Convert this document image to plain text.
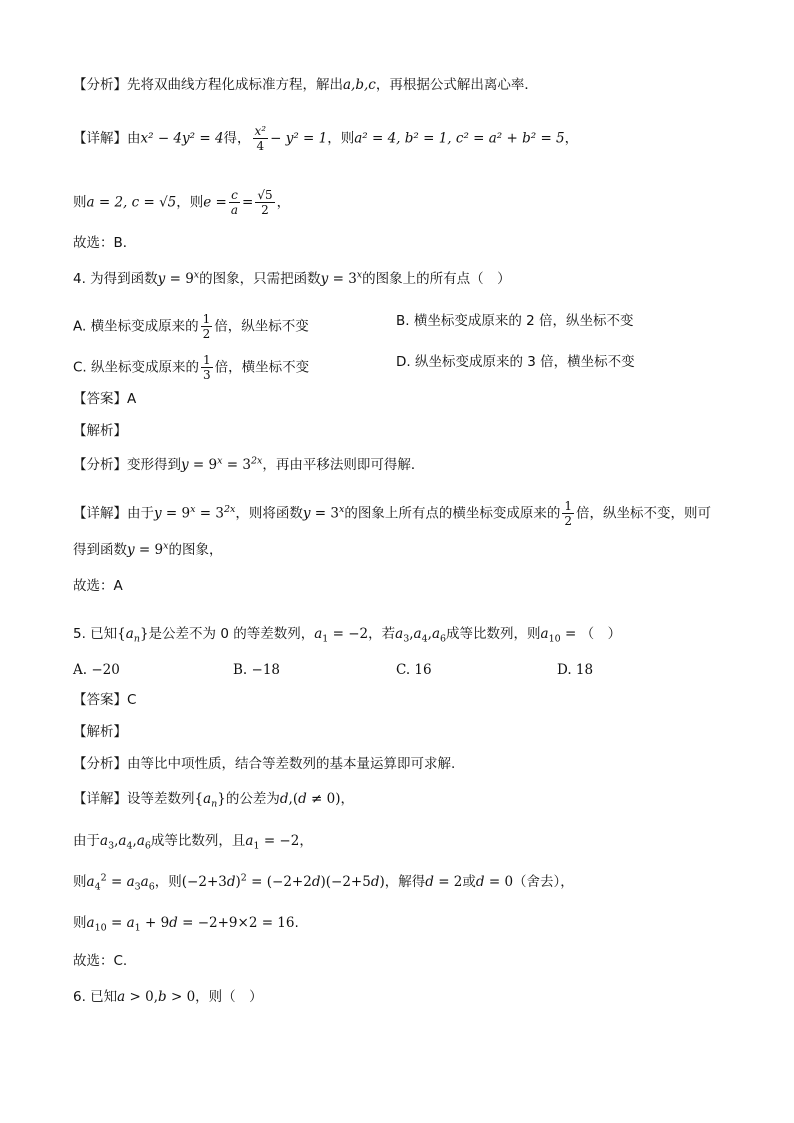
【分析】先将双曲线方程化成标准方程，解出a,b,c，再根据公式解出离心率．
【详解】由x² − 4y² = 4得， $\frac{\text{x²}}{4} - y^2 = 1$，则a² = 4, b² = 1, c² = a² + b² = 5，
则a = 2, c = √5，则$e = \frac{c}{a} = \frac{√5}{2}$ ，
故选：B．
4. 为得到函数$y = 9^x$的图象，只需把函数$y = 3^x$的图象上的所有点（　）
A. 横坐标变成原来的 $\frac{1}{2}$ 倍，纵坐标不变	B. 横坐标变成原来的 2 倍，纵坐标不变
C. 纵坐标变成原来的 $\frac{1}{3}$ 倍，横坐标不变	D. 纵坐标变成原来的 3 倍，横坐标不变
【答案】A
【解析】
【分析】变形得到$y = 9^x = 3^{2x}$，再由平移法则即可得解．
【详解】由于$y = 9^x = 3^{2x}$，则将函数$y = 3^x$的图象上所有点的横坐标变成原来的 $\frac{1}{2}$ 倍，纵坐标不变，则可
得到函数$y = 9^x$的图象，
故选：A
5. 已知$\{a_n\}$是公差不为 0 的等差数列，$a_1 = -2$，若$a_3,a_4,a_6$成等比数列，则$a_{10}$ = （　）
A. −20	B. −18	C. 16	D. 18
【答案】C
【解析】
【分析】由等比中项性质，结合等差数列的基本量运算即可求解.
【详解】设等差数列$\{a_n\}$的公差为d,(d ≠ 0)，
由于$a_3,a_4,a_6$成等比数列，且$a_1 = -2$，
则$a_4^2 = a_3a_6$，则$(-2+3d)^2 = (-2+2d)(-2+5d)$，解得d = 2或d = 0（舍去），
则$a_{10} = a_1 + 9d = -2+9\times 2 = 16$.
故选：C.
6. 已知a > 0,b > 0，则（　）
